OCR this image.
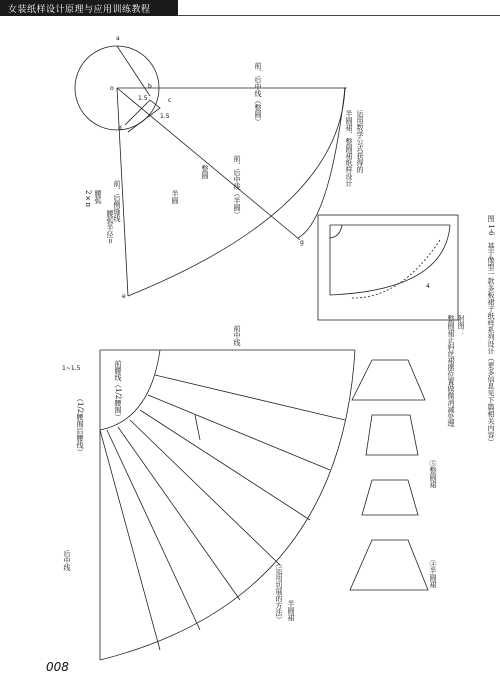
女装纸样设计原理与应用训练教程
o
a
b
c
d
e
f
g
1.5
1.5
4
1~1.5
腰弧半径=
腰弧
2×π	前、后侧缝线	半圆
整圆
前、后中线（整圆）
前、后中线（半圆）
运用数学公式获得的
半圆裙、整圆裙纸样设计
前中线
后中线
前腰线（1/2腰围）
（1/2腰围后腰线）
半圆裙
（运用切展的方法）
附图：
整圆裙正斜丝裙摆位置做微消减处理	图 1-6　基于像型一款多板裙子纸样系列设计（更多信息见下篇相关内容）
④半圆裙
⑤整圆裙
008
